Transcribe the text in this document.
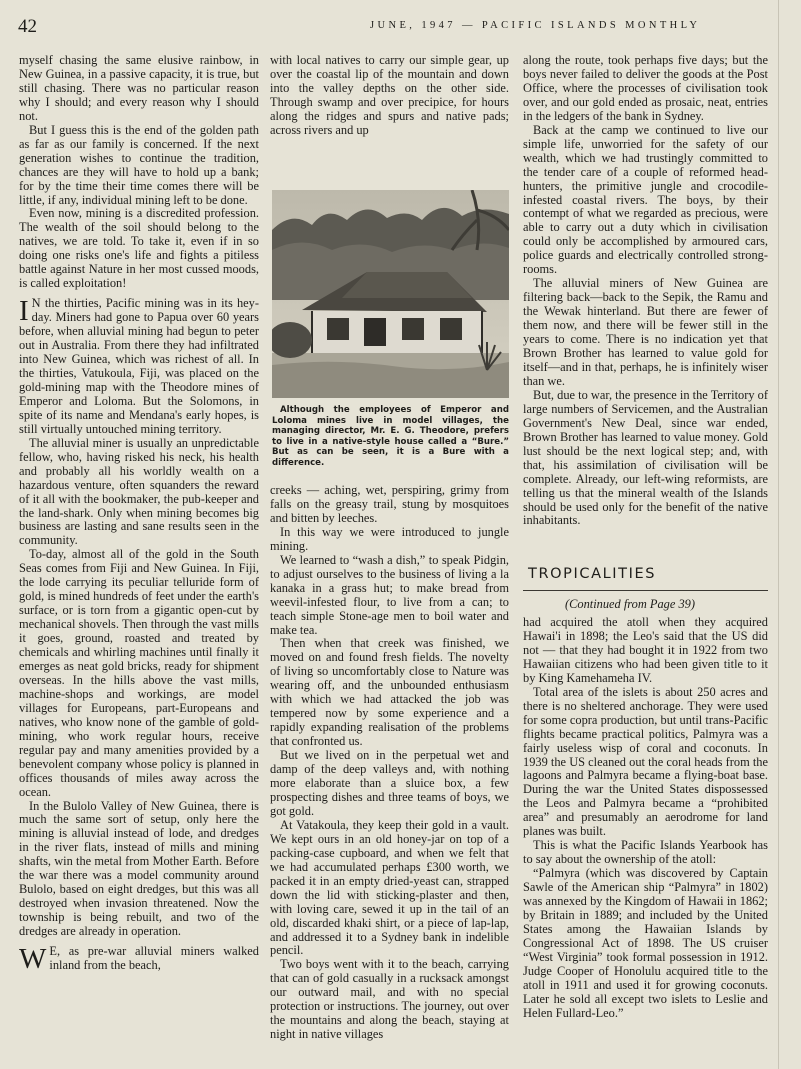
42	JUNE, 1947 — PACIFIC ISLANDS MONTHLY

myself chasing the same elusive rainbow, in New Guinea, in a passive capacity, it is true, but still chasing. There was no particular reason why I should; and every reason why I should not.

But I guess this is the end of the golden path as far as our family is concerned. If the next generation wishes to continue the tradition, chances are they will have to hold up a bank; for by the time their time comes there will be little, if any, individual mining left to be done.

Even now, mining is a discredited profession. The wealth of the soil should belong to the natives, we are told. To take it, even if in so doing one risks one's life and fights a pitiless battle against Nature in her most cussed moods, is called exploitation!

I N the thirties, Pacific mining was in its hey-day. Miners had gone to Papua over 60 years before, when alluvial mining had begun to peter out in Australia. From there they had infiltrated into New Guinea, which was richest of all. In the thirties, Vatukoula, Fiji, was placed on the gold-mining map with the Theodore mines of Emperor and Loloma. But the Solomons, in spite of its name and Mendana's early hopes, is still virtually untouched mining territory.

The alluvial miner is usually an unpredictable fellow, who, having risked his neck, his health and probably all his worldly wealth on a hazardous venture, often squanders the reward of it all with the bookmaker, the pub-keeper and the land-shark. Only when mining becomes big business are lasting and sane results seen in the community.

To-day, almost all of the gold in the South Seas comes from Fiji and New Guinea. In Fiji, the lode carrying its peculiar telluride form of gold, is mined hundreds of feet under the earth's surface, or is torn from a gigantic open-cut by mechanical shovels. Then through the vast mills it goes, ground, roasted and treated by chemicals and whirling machines until finally it emerges as neat gold bricks, ready for shipment overseas. In the hills above the vast mills, machine-shops and workings, are model villages for Europeans, part-Europeans and natives, who know none of the gamble of gold-mining, who work regular hours, receive regular pay and many amenities provided by a benevolent company whose policy is planned in offices thousands of miles away across the ocean.

In the Bulolo Valley of New Guinea, there is much the same sort of setup, only here the mining is alluvial instead of lode, and dredges in the river flats, instead of mills and mining shafts, win the metal from Mother Earth. Before the war there was a model community around Bulolo, based on eight dredges, but this was all destroyed when invasion threatened. Now the township is being rebuilt, and two of the dredges are already in operation.

W E, as pre-war alluvial miners walked inland from the beach,

with local natives to carry our simple gear, up over the coastal lip of the mountain and down into the valley depths on the other side. Through swamp and over precipice, for hours along the ridges and spurs and native pads; across rivers and up

Although the employees of Emperor and Loloma mines live in model villages, the managing director, Mr. E. G. Theodore, prefers to live in a native-style house called a “Bure.” But as can be seen, it is a Bure with a difference.

creeks — aching, wet, perspiring, grimy from falls on the greasy trail, stung by mosquitoes and bitten by leeches.

In this way we were introduced to jungle mining.

We learned to “wash a dish,” to speak Pidgin, to adjust ourselves to the business of living a la kanaka in a grass hut; to make bread from weevil-infested flour, to live from a can; to teach simple Stone-age men to boil water and make tea.

Then when that creek was finished, we moved on and found fresh fields. The novelty of living so uncomfortably close to Nature was wearing off, and the unbounded enthusiasm with which we had attacked the job was tempered now by some experience and a rapidly expanding realisation of the problems that confronted us.

But we lived on in the perpetual wet and damp of the deep valleys and, with nothing more elaborate than a sluice box, a few prospecting dishes and three teams of boys, we got gold.

At Vatakoula, they keep their gold in a vault. We kept ours in an old honey-jar on top of a packing-case cupboard, and when we felt that we had accumulated perhaps £300 worth, we packed it in an empty dried-yeast can, strapped down the lid with sticking-plaster and then, with loving care, sewed it up in the tail of an old, discarded khaki shirt, or a piece of lap-lap, and addressed it to a Sydney bank in indelible pencil.

Two boys went with it to the beach, carrying that can of gold casually in a rucksack amongst our outward mail, and with no special protection or instructions. The journey, out over the mountains and along the beach, staying at night in native villages

along the route, took perhaps five days; but the boys never failed to deliver the goods at the Post Office, where the processes of civilisation took over, and our gold ended as prosaic, neat, entries in the ledgers of the bank in Sydney.

Back at the camp we continued to live our simple life, unworried for the safety of our wealth, which we had trustingly committed to the tender care of a couple of reformed head-hunters, the primitive jungle and crocodile-infested coastal rivers. The boys, by their contempt of what we regarded as precious, were able to carry out a duty which in civilisation could only be accomplished by armoured cars, police guards and electrically controlled strong-rooms.

The alluvial miners of New Guinea are filtering back—back to the Sepik, the Ramu and the Wewak hinterland. But there are fewer of them now, and there will be fewer still in the years to come. There is no indication yet that Brown Brother has learned to value gold for itself—and in that, perhaps, he is infinitely wiser than we.

But, due to war, the presence in the Territory of large numbers of Servicemen, and the Australian Government's New Deal, since war ended, Brown Brother has learned to value money. Gold lust should be the next logical step; and, with that, his assimilation of civilisation will be complete. Already, our left-wing reformists, are telling us that the mineral wealth of the Islands should be used only for the benefit of the native inhabitants.

TROPICALITIES
(Continued from Page 39)

had acquired the atoll when they acquired Hawai'i in 1898; the Leo's said that the US did not — that they had bought it in 1922 from two Hawaiian citizens who had been given title to it by King Kamehameha IV.

Total area of the islets is about 250 acres and there is no sheltered anchorage. They were used for some copra production, but until trans-Pacific flights became practical politics, Palmyra was a fairly useless wisp of coral and coconuts. In 1939 the US cleaned out the coral heads from the lagoons and Palmyra became a flying-boat base. During the war the United States dispossessed the Leos and Palmyra became a “prohibited area” and presumably an aerodrome for land planes was built.

This is what the Pacific Islands Yearbook has to say about the ownership of the atoll:

“Palmyra (which was discovered by Captain Sawle of the American ship “Palmyra” in 1802) was annexed by the Kingdom of Hawaii in 1862; by Britain in 1889; and included by the United States among the Hawaiian Islands by Congressional Act of 1898. The US cruiser “West Virginia” took formal possession in 1912. Judge Cooper of Honolulu acquired title to the atoll in 1911 and used it for growing coconuts. Later he sold all except two islets to Leslie and Helen Fullard-Leo.”
